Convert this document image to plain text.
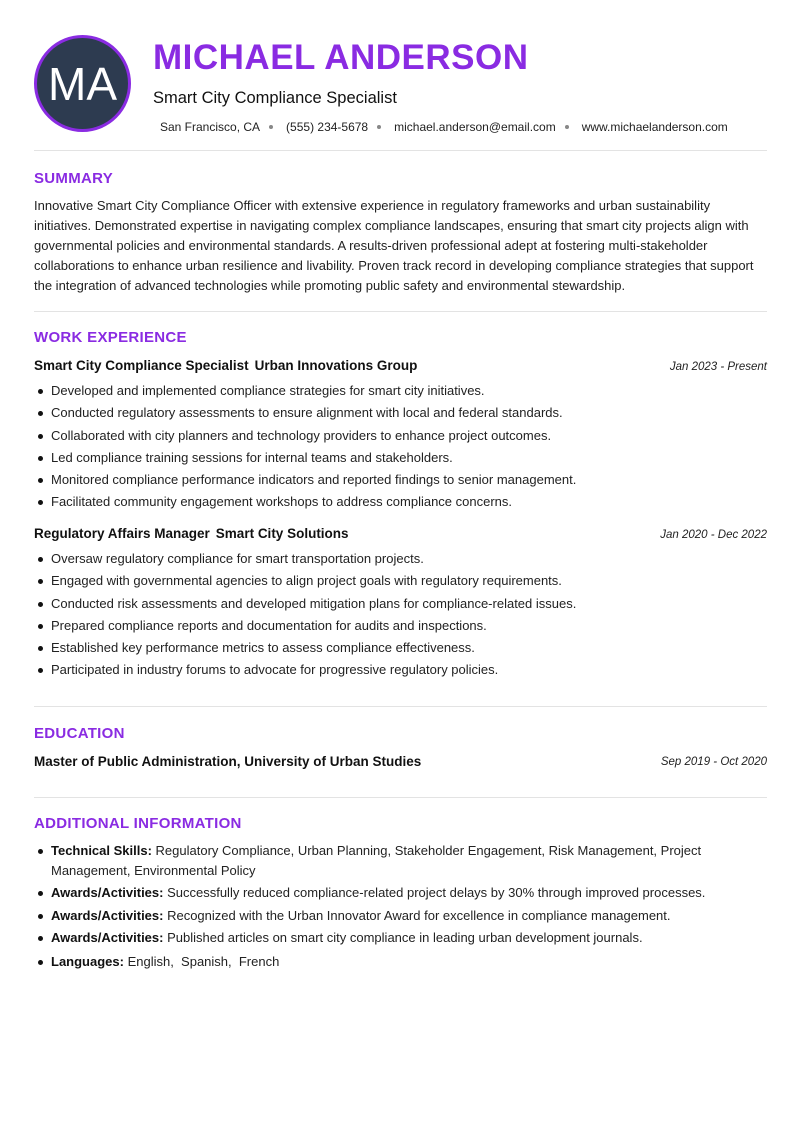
MA MICHAEL ANDERSON
Smart City Compliance Specialist
San Francisco, CA (555) 234-5678 michael.anderson@email.com www.michaelanderson.com
SUMMARY
Innovative Smart City Compliance Officer with extensive experience in regulatory frameworks and urban sustainability initiatives. Demonstrated expertise in navigating complex compliance landscapes, ensuring that smart city projects align with governmental policies and environmental standards. A results-driven professional adept at fostering multi-stakeholder collaborations to enhance urban resilience and livability. Proven track record in developing compliance strategies that support the integration of advanced technologies while promoting public safety and environmental stewardship.
WORK EXPERIENCE
Smart City Compliance Specialist Urban Innovations Group	Jan 2023 - Present
Developed and implemented compliance strategies for smart city initiatives.
Conducted regulatory assessments to ensure alignment with local and federal standards.
Collaborated with city planners and technology providers to enhance project outcomes.
Led compliance training sessions for internal teams and stakeholders.
Monitored compliance performance indicators and reported findings to senior management.
Facilitated community engagement workshops to address compliance concerns.
Regulatory Affairs Manager Smart City Solutions	Jan 2020 - Dec 2022
Oversaw regulatory compliance for smart transportation projects.
Engaged with governmental agencies to align project goals with regulatory requirements.
Conducted risk assessments and developed mitigation plans for compliance-related issues.
Prepared compliance reports and documentation for audits and inspections.
Established key performance metrics to assess compliance effectiveness.
Participated in industry forums to advocate for progressive regulatory policies.
EDUCATION
Master of Public Administration, University of Urban Studies	Sep 2019 - Oct 2020
ADDITIONAL INFORMATION
Technical Skills: Regulatory Compliance, Urban Planning, Stakeholder Engagement, Risk Management, Project Management, Environmental Policy
Awards/Activities: Successfully reduced compliance-related project delays by 30% through improved processes.
Awards/Activities: Recognized with the Urban Innovator Award for excellence in compliance management.
Awards/Activities: Published articles on smart city compliance in leading urban development journals.
Languages: English,  Spanish,  French
